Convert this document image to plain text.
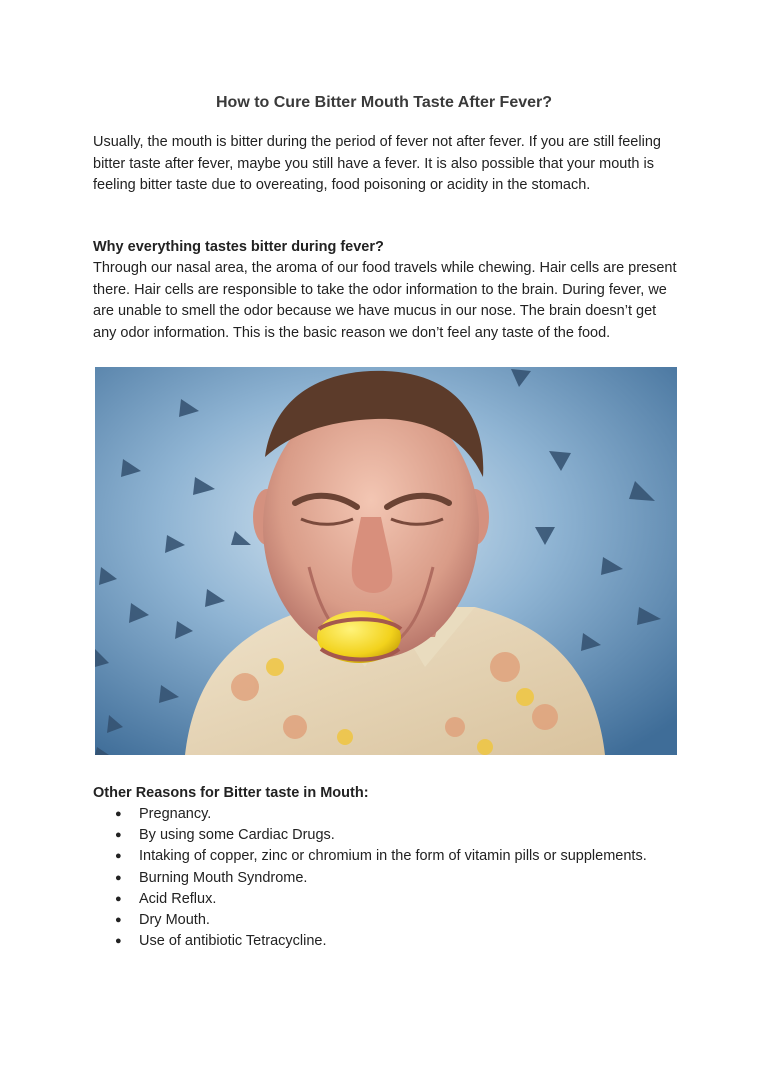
How to Cure Bitter Mouth Taste After Fever?

Usually, the mouth is bitter during the period of fever not after fever. If you are still feeling bitter taste after fever, maybe you still have a fever. It is also possible that your mouth is feeling bitter taste due to overeating, food poisoning or acidity in the stomach.

Why everything tastes bitter during fever?

Through our nasal area, the aroma of our food travels while chewing. Hair cells are present there. Hair cells are responsible to take the odor information to the brain. During fever, we are unable to smell the odor because we have mucus in our nose. The brain doesn’t get any odor information. This is the basic reason we don’t feel any taste of the food.

Other Reasons for Bitter taste in Mouth:

● Pregnancy.
● By using some Cardiac Drugs.
● Intaking of copper, zinc or chromium in the form of vitamin pills or supplements.
● Burning Mouth Syndrome.
● Acid Reflux.
● Dry Mouth.
● Use of antibiotic Tetracycline.
